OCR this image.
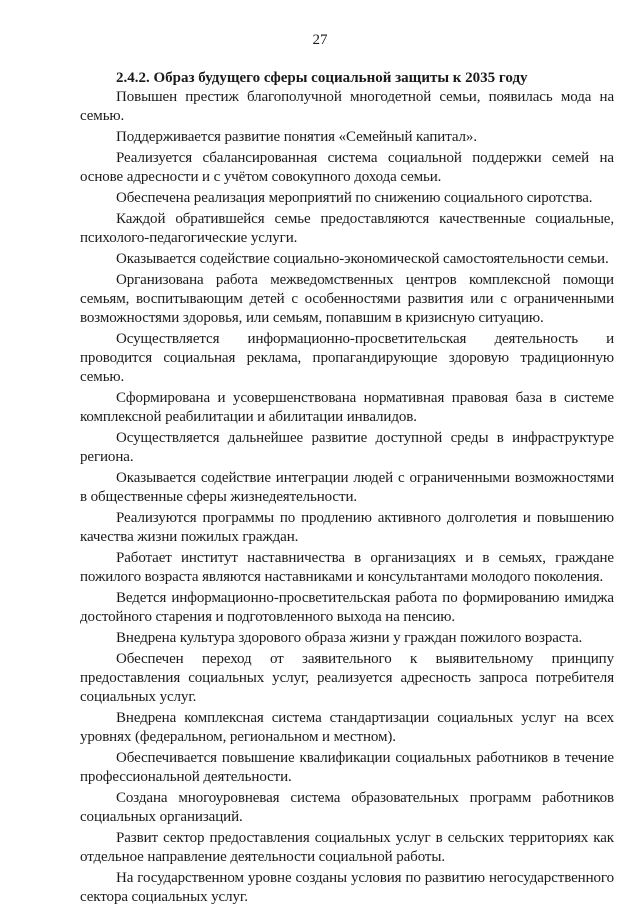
27

2.4.2. Образ будущего сферы социальной защиты к 2035 году

Повышен престиж благополучной многодетной семьи, появилась мода на семью.

Поддерживается развитие понятия «Семейный капитал».

Реализуется сбалансированная система социальной поддержки семей на основе адресности и с учётом совокупного дохода семьи.

Обеспечена реализация мероприятий по снижению социального сиротства.

Каждой обратившейся семье предоставляются качественные социальные, психолого-педагогические услуги.

Оказывается содействие социально-экономической самостоятельности семьи.

Организована работа межведомственных центров комплексной помощи семьям, воспитывающим детей с особенностями развития или с ограниченными возможностями здоровья, или семьям, попавшим в кризисную ситуацию.

Осуществляется информационно-просветительская деятельность и проводится социальная реклама, пропагандирующие здоровую традиционную семью.

Сформирована и усовершенствована нормативная правовая база в системе комплексной реабилитации и абилитации инвалидов.

Осуществляется дальнейшее развитие доступной среды в инфраструктуре региона.

Оказывается содействие интеграции людей с ограниченными возможностями в общественные сферы жизнедеятельности.

Реализуются программы по продлению активного долголетия и повышению качества жизни пожилых граждан.

Работает институт наставничества в организациях и в семьях, граждане пожилого возраста являются наставниками и консультантами молодого поколения.

Ведется информационно-просветительская работа по формированию имиджа достойного старения и подготовленного выхода на пенсию.

Внедрена культура здорового образа жизни у граждан пожилого возраста.

Обеспечен переход от заявительного к выявительному принципу предоставления социальных услуг, реализуется адресность запроса потребителя социальных услуг.

Внедрена комплексная система стандартизации социальных услуг на всех уровнях (федеральном, региональном и местном).

Обеспечивается повышение квалификации социальных работников в течение профессиональной деятельности.

Создана многоуровневая система образовательных программ работников социальных организаций.

Развит сектор предоставления социальных услуг в сельских территориях как отдельное направление деятельности социальной работы.

На государственном уровне созданы условия по развитию негосударственного сектора социальных услуг.
